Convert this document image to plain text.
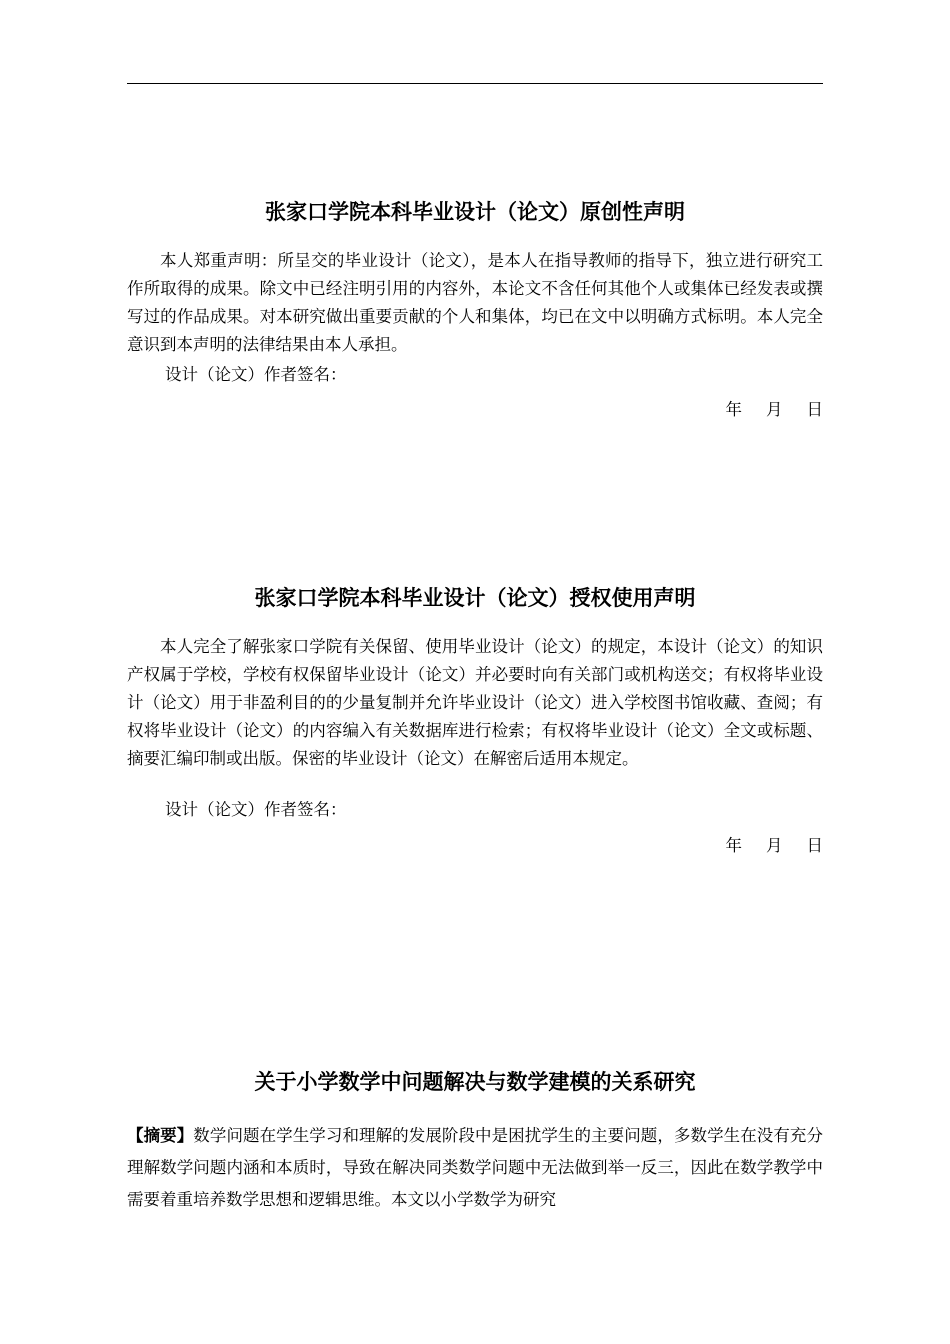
张家口学院本科毕业设计（论文）原创性声明

本人郑重声明：所呈交的毕业设计（论文），是本人在指导教师的指导下，独立进行研究工作所取得的成果。除文中已经注明引用的内容外，本论文不含任何其他个人或集体已经发表或撰写过的作品成果。对本研究做出重要贡献的个人和集体，均已在文中以明确方式标明。本人完全意识到本声明的法律结果由本人承担。

设计（论文）作者签名：

年 月 日

张家口学院本科毕业设计（论文）授权使用声明

本人完全了解张家口学院有关保留、使用毕业设计（论文）的规定，本设计（论文）的知识产权属于学校，学校有权保留毕业设计（论文）并必要时向有关部门或机构送交；有权将毕业设计（论文）用于非盈利目的的少量复制并允许毕业设计（论文）进入学校图书馆收藏、查阅；有权将毕业设计（论文）的内容编入有关数据库进行检索；有权将毕业设计（论文）全文或标题、摘要汇编印制或出版。保密的毕业设计（论文）在解密后适用本规定。

设计（论文）作者签名：

年 月 日

关于小学数学中问题解决与数学建模的关系研究

【摘要】数学问题在学生学习和理解的发展阶段中是困扰学生的主要问题，多数学生在没有充分理解数学问题内涵和本质时，导致在解决同类数学问题中无法做到举一反三，因此在数学教学中需要着重培养数学思想和逻辑思维。本文以小学数学为研究
